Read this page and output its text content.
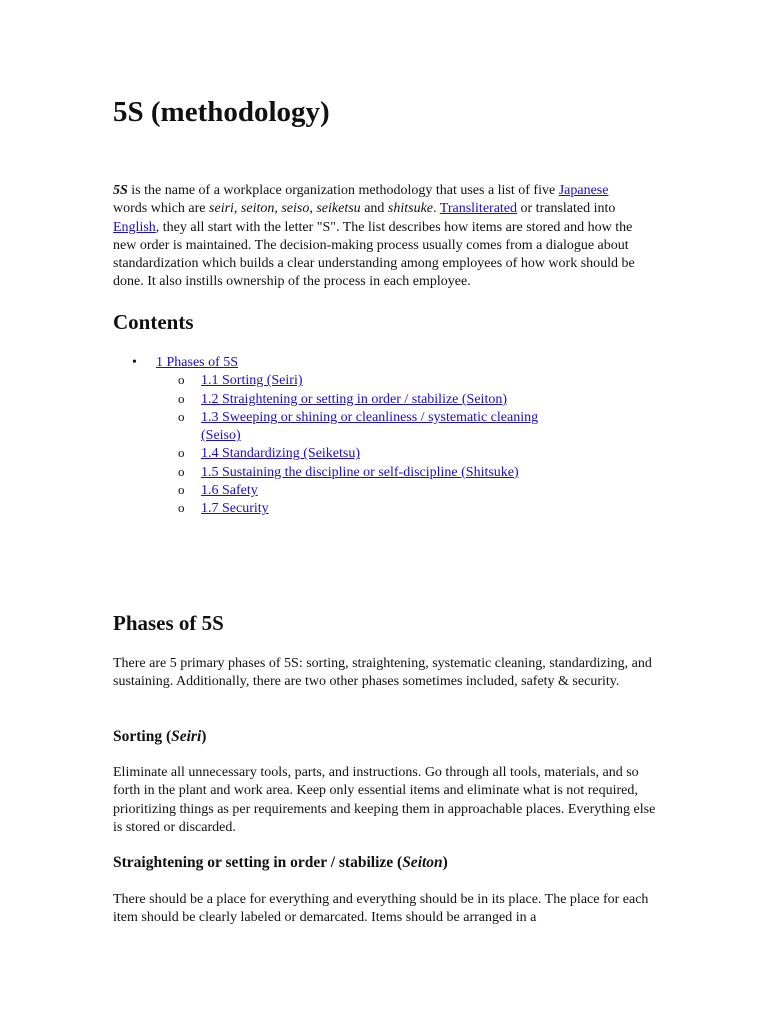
5S (methodology)

5S is the name of a workplace organization methodology that uses a list of five Japanese
words which are seiri, seiton, seiso, seiketsu and shitsuke. Transliterated or translated into English, they all start with the letter "S". The list describes how items are stored and how the new order is maintained. The decision-making process usually comes from a dialogue about standardization which builds a clear understanding among employees of how work should be done. It also instills ownership of the process in each employee.

Contents
• 1 Phases of 5S
o 1.1 Sorting (Seiri)
o 1.2 Straightening or setting in order / stabilize (Seiton)
o 1.3 Sweeping or shining or cleanliness / systematic cleaning (Seiso)
o 1.4 Standardizing (Seiketsu)
o 1.5 Sustaining the discipline or self-discipline (Shitsuke)
o 1.6 Safety
o 1.7 Security
Phases of 5S

There are 5 primary phases of 5S: sorting, straightening, systematic cleaning, standardizing, and sustaining. Additionally, there are two other phases sometimes included, safety & security.

Sorting (Seiri)

Eliminate all unnecessary tools, parts, and instructions. Go through all tools, materials, and so forth in the plant and work area. Keep only essential items and eliminate what is not required, prioritizing things as per requirements and keeping them in approachable places. Everything else is stored or discarded.

Straightening or setting in order / stabilize (Seiton)

There should be a place for everything and everything should be in its place. The place for each item should be clearly labeled or demarcated. Items should be arranged in a
